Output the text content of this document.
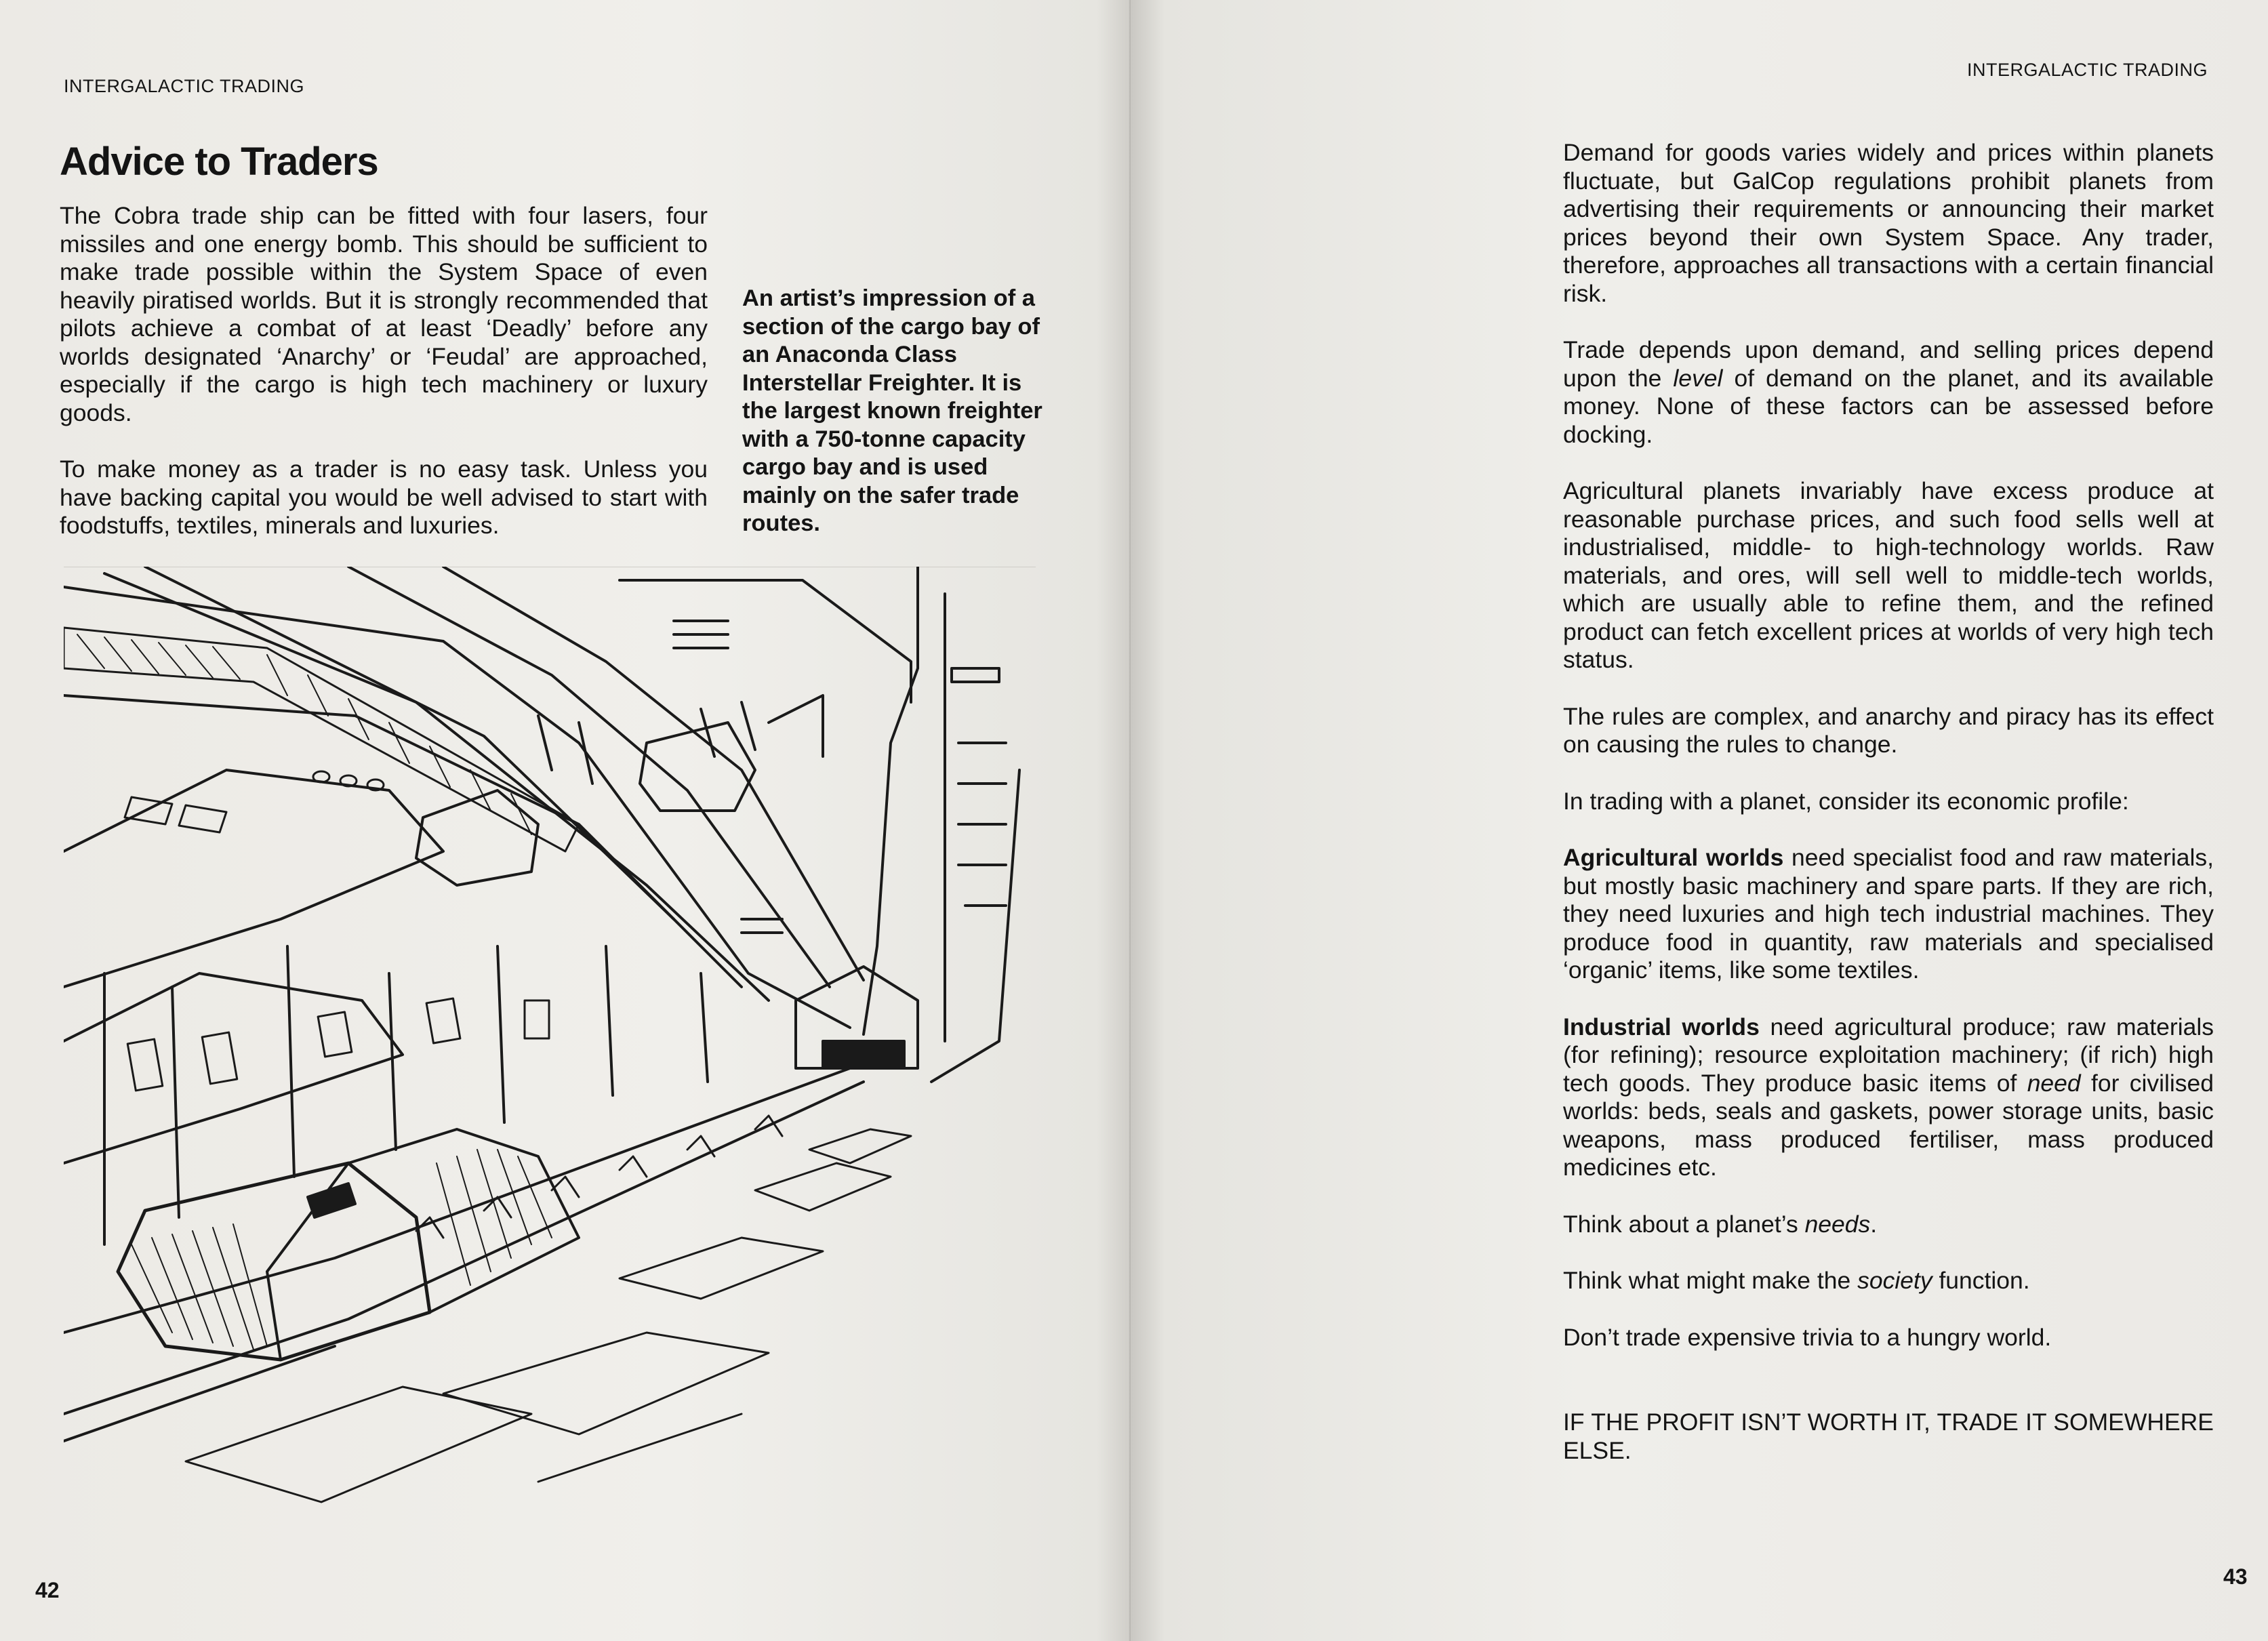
INTERGALACTIC TRADING
Advice to Traders

The Cobra trade ship can be fitted with four lasers, four missiles and one energy bomb. This should be sufficient to make trade possible within the System Space of even heavily piratised worlds. But it is strongly recommended that pilots achieve a combat of at least ‘Deadly’ before any worlds designated ‘Anarchy’ or ‘Feudal’ are approached, especially if the cargo is high tech machinery or luxury goods.

To make money as a trader is no easy task. Unless you have backing capital you would be well advised to start with foodstuffs, textiles, minerals and luxuries.

An artist’s impression of a section of the cargo bay of an Anaconda Class Interstellar Freighter. It is the largest known freighter with a 750-tonne capacity cargo bay and is used mainly on the safer trade routes.
42
INTERGALACTIC TRADING

Demand for goods varies widely and prices within planets fluctuate, but GalCop regulations prohibit planets from advertising their requirements or announcing their market prices beyond their own System Space. Any trader, therefore, approaches all transactions with a certain financial risk.

Trade depends upon demand, and selling prices depend upon the level of demand on the planet, and its available money. None of these factors can be assessed before docking.

Agricultural planets invariably have excess produce at reasonable purchase prices, and such food sells well at industrialised, middle- to high-technology worlds. Raw materials, and ores, will sell well to middle-tech worlds, which are usually able to refine them, and the refined product can fetch excellent prices at worlds of very high tech status.

The rules are complex, and anarchy and piracy has its effect on causing the rules to change.

In trading with a planet, consider its economic profile:

Agricultural worlds need specialist food and raw materials, but mostly basic machinery and spare parts. If they are rich, they need luxuries and high tech industrial machines. They produce food in quantity, raw materials and specialised ‘organic’ items, like some textiles.

Industrial worlds need agricultural produce; raw materials (for refining); resource exploitation machinery; (if rich) high tech goods. They produce basic items of need for civilised worlds: beds, seals and gaskets, power storage units, basic weapons, mass produced fertiliser, mass produced medicines etc.

Think about a planet’s needs.

Think what might make the society function.

Don’t trade expensive trivia to a hungry world.

IF THE PROFIT ISN’T WORTH IT, TRADE IT SOMEWHERE ELSE.

43
